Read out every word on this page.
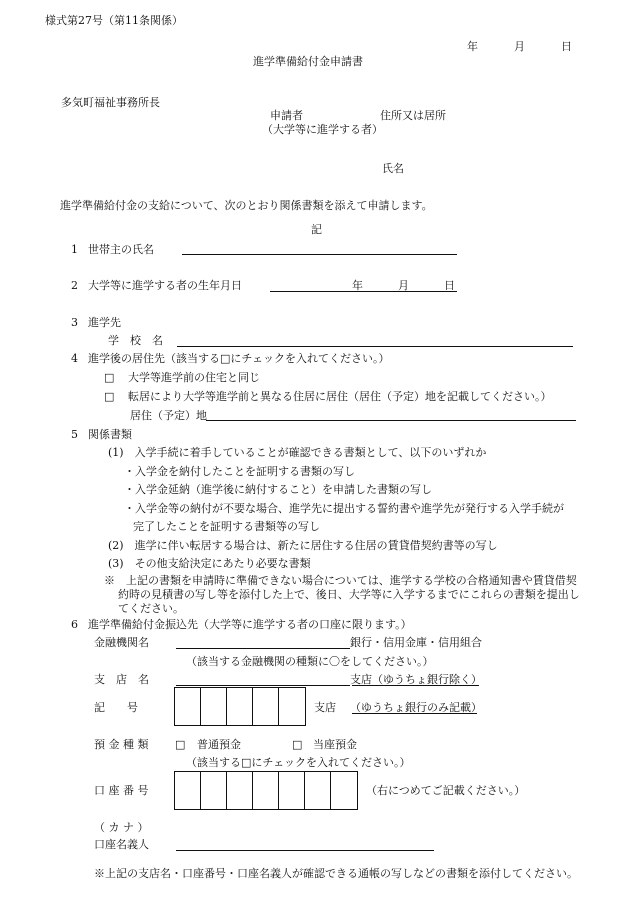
様式第27号（第11条関係）
年	月	日
進学準備給付金申請書
多気町福祉事務所長
申請者	住所又は居所
（大学等に進学する者）
氏名
進学準備給付金の支給について、次のとおり関係書類を添えて申請します。
記
1 世帯主の氏名
2 大学等に進学する者の生年月日	年	月	日
3 進学先
学　校　名
4 進学後の居住先（該当する□にチェックを入れてください。）
□ 大学等進学前の住宅と同じ
□ 転居により大学等進学前と異なる住居に居住（居住（予定）地を記載してください。）
居住（予定）地
5 関係書類
(1)　入学手続に着手していることが確認できる書類として、以下のいずれか
・入学金を納付したことを証明する書類の写し
・入学金延納（進学後に納付すること）を申請した書類の写し
・入学金等の納付が不要な場合、進学先に提出する誓約書や進学先が発行する入学手続が
完了したことを証明する書類等の写し
(2)　進学に伴い転居する場合は、新たに居住する住居の賃貸借契約書等の写し
(3)　その他支給決定にあたり必要な書類
※　上記の書類を申請時に準備できない場合については、進学する学校の合格通知書や賃貸借契
約時の見積書の写し等を添付した上で、後日、大学等に入学するまでにこれらの書類を提出し
てください。
6 進学準備給付金振込先（大学等に進学する者の口座に限ります。）
金融機関名	銀行・信用金庫・信用組合
（該当する金融機関の種類に〇をしてください。）
支　店　名	支店（ゆうちょ銀行除く）
記　　号	支店 （ゆうちょ銀行のみ記載）
預 金 種 類 □ 普通預金	□ 当座預金
（該当する□にチェックを入れてください。）
口 座 番 号	（右につめてご記載ください。）
（ カ ナ ）
口座名義人
※上記の支店名・口座番号・口座名義人が確認できる通帳の写しなどの書類を添付してください。
